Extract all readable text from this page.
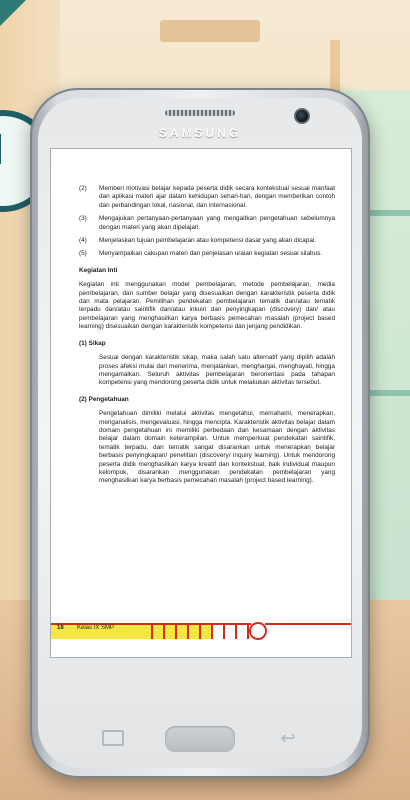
SAMSUNG
(2)	Memberi motivasi belajar kepada peserta didik secara kontekstual sesuai manfaat dan aplikasi materi ajar dalam kehidupan sehari-hari, dengan memberikan contoh dan perbandingan lokal, nasional, dan internasional.
(3)	Mengajukan pertanyaan-pertanyaan yang mengaitkan pengetahuan sebelumnya dengan materi yang akan dipelajari.
(4)	Menjelaskan tujuan pembelajaran atau kompetensi dasar yang akan dicapai.
(5)	Menyampaikan cakupan materi dan penjelasan uraian kegiatan sesuai silabus.
Kegiatan Inti
Kegiatan inti menggunakan model pembelajaran, metode pembelajaran, media pembelajaran, dan sumber belajar yang disesuaikan dengan karakteristik peserta didik dan mata pelajaran. Pemilihan pendekatan pembelajaran tematik dan/atau tematik terpadu dan/atau saintifik dan/atau inkuiri dan penyingkapan (discovery) dan/ atau pembelajaran yang menghasilkan karya berbasis pemecahan masalah (project based learning) disesuaikan dengan karakteristik kompetensi dan jenjang pendidikan.
(1) Sikap
Sesuai dengan karakteristik sikap, maka salah satu alternatif yang dipilih adalah proses afeksi mulai dari menerima, menjalankan, menghargai, menghayati, hingga mengamalkan. Seluruh aktivitas pembelajaran berorientasi pada tahapan kompetensi yang mendorong peserta didik untuk melakukan aktivitas tersebut.
(2) Pengetahuan
Pengetahuan dimiliki melalui aktivitas mengetahui, memahami, menerapkan, menganalisis, mengevaluasi, hingga mencipta. Karakteristik aktivitas belajar dalam domain pengetahuan ini memiliki perbedaan dan kesamaan dengan aktivitas belajar dalam domain keterampilan. Untuk memperkuat pendekatan saintifik, tematik terpadu, dan tematik sangat disarankan untuk menerapkan belajar berbasis penyingkapan/ penelitian (discovery/ inquiry learning). Untuk mendorong peserta didik menghasilkan karya kreatif dan kontekstual, baik individual maupun kelompok, disarankan menggunakan pendekatan pembelajaran yang menghasilkan karya berbasis pemecahan masalah (project based learning).
18 Kelas IX SMP
↩
